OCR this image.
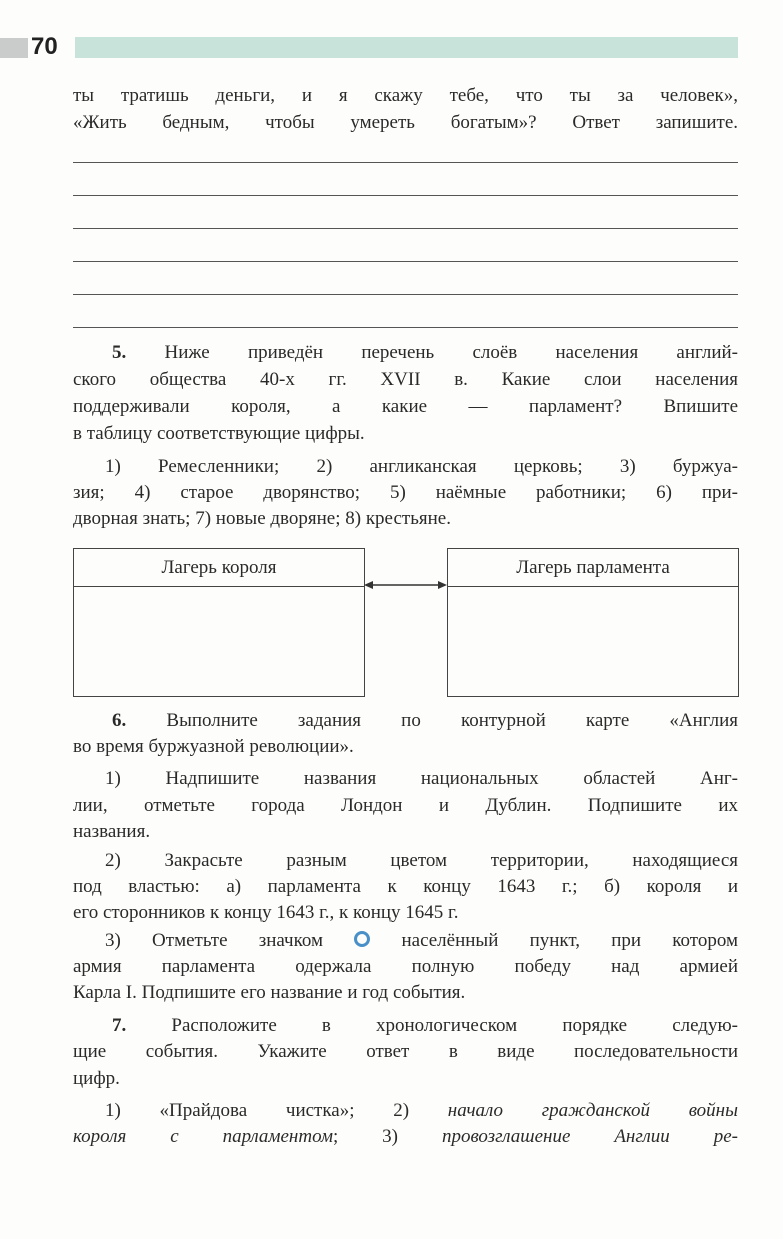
70
ты тратишь деньги, и я скажу тебе, что ты за человек»,
«Жить бедным, чтобы умереть богатым»? Ответ запишите.
5. Ниже приведён перечень слоёв населения англий-
ского общества 40-х гг. XVII в. Какие слои населения
поддерживали короля, а какие — парламент? Впишите
в таблицу соответствующие цифры.
1) Ремесленники; 2) англиканская церковь; 3) буржуа-
зия; 4) старое дворянство; 5) наёмные работники; 6) при-
дворная знать; 7) новые дворяне; 8) крестьяне.
Лагерь короля	Лагерь парламента
6. Выполните задания по контурной карте «Англия
во время буржуазной революции».
1) Надпишите названия национальных областей Анг-
лии, отметьте города Лондон и Дублин. Подпишите их
названия.
2) Закрасьте разным цветом территории, находящиеся
под властью: а) парламента к концу 1643 г.; б) короля и
его сторонников к концу 1643 г., к концу 1645 г.
3) Отметьте значком	населённый пункт, при котором
армия парламента одержала полную победу над армией
Карла I. Подпишите его название и год события.
7. Расположите в хронологическом порядке следую-
щие события. Укажите ответ в виде последовательности
цифр.
1) «Прайдова чистка»; 2) начало гражданской войны
короля с парламентом; 3) провозглашение Англии ре-
